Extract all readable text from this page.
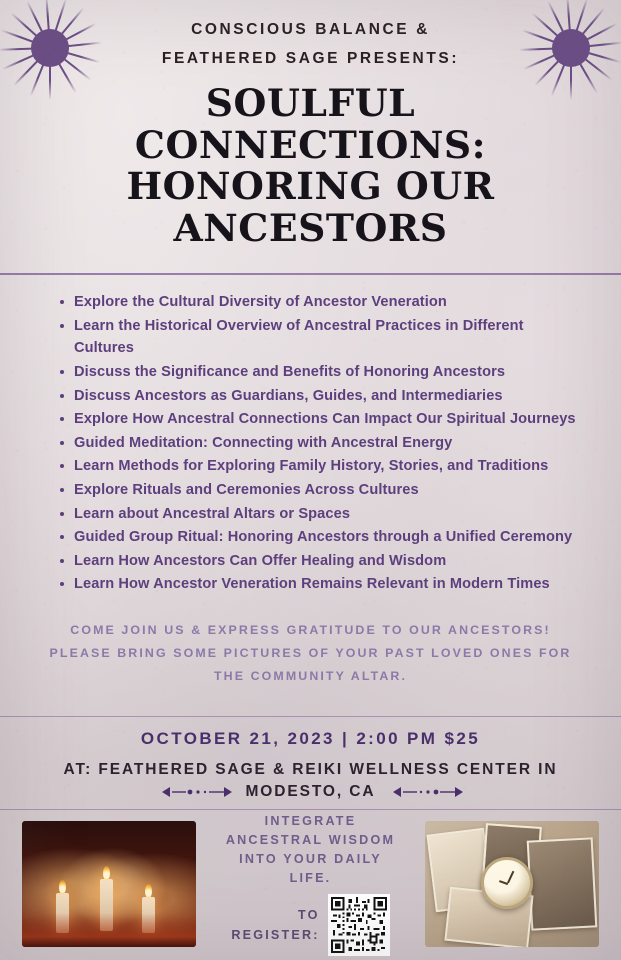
CONSCIOUS BALANCE &
FEATHERED SAGE PRESENTS:
SOULFUL CONNECTIONS:
HONORING OUR ANCESTORS
Explore the Cultural Diversity of Ancestor Veneration
Learn the Historical Overview of Ancestral Practices in Different Cultures
Discuss the Significance and Benefits of Honoring Ancestors
Discuss Ancestors as Guardians, Guides, and Intermediaries
Explore How Ancestral Connections Can Impact Our Spiritual Journeys
Guided Meditation: Connecting with Ancestral Energy
Learn Methods for Exploring Family History, Stories, and Traditions
Explore Rituals and Ceremonies Across Cultures
Learn about Ancestral Altars or Spaces
Guided Group Ritual: Honoring Ancestors through a Unified Ceremony
Learn How Ancestors Can Offer Healing and Wisdom
Learn How Ancestor Veneration Remains Relevant in Modern Times
COME JOIN US & EXPRESS GRATITUDE TO OUR ANCESTORS!
PLEASE BRING SOME PICTURES OF YOUR PAST LOVED ONES FOR
THE COMMUNITY ALTAR.
OCTOBER 21, 2023 | 2:00 PM $25
AT: FEATHERED SAGE & REIKI WELLNESS CENTER IN
MODESTO, CA
INTEGRATE
ANCESTRAL WISDOM
INTO YOUR DAILY
LIFE.
TO
REGISTER:
